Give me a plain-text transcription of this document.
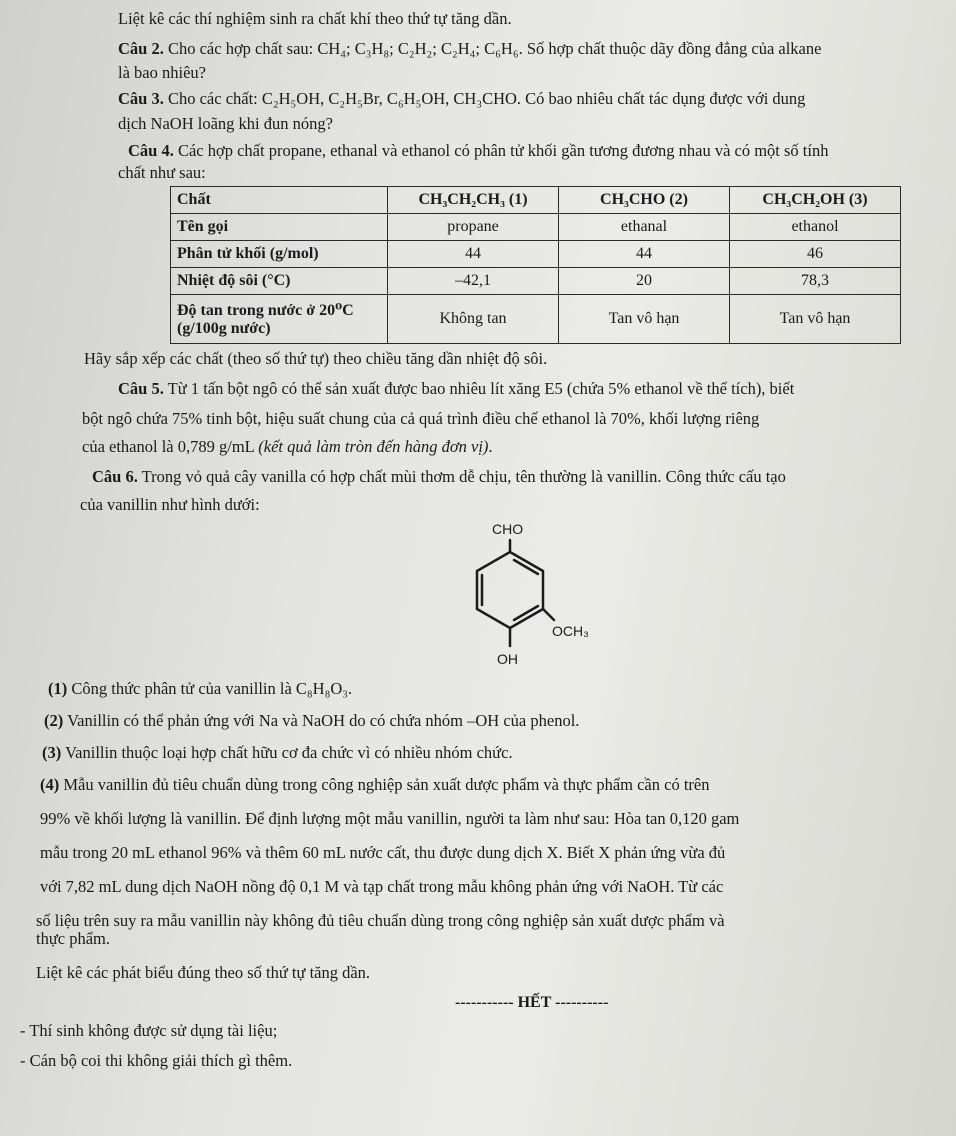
Liệt kê các thí nghiệm sinh ra chất khí theo thứ tự tăng dần.
Câu 2. Cho các hợp chất sau: CH₄; C₃H₈; C₂H₂; C₂H₄; C₆H₆. Số hợp chất thuộc dãy đồng đẳng của alkane
là bao nhiêu?
Câu 3. Cho các chất: C₂H₅OH, C₂H₅Br, C₆H₅OH, CH₃CHO. Có bao nhiêu chất tác dụng được với dung
dịch NaOH loãng khi đun nóng?
Câu 4. Các hợp chất propane, ethanal và ethanol có phân tử khối gần tương đương nhau và có một số tính
chất như sau:
Chất	CH₃CH₂CH₃ (1)	CH₃CHO (2)	CH₃CH₂OH (3)
Tên gọi	propane	ethanal	ethanol
Phân tử khối (g/mol)	44	44	46
Nhiệt độ sôi (°C)	–42,1	20	78,3

Độ tan trong nước ở 20⁰C
(g/100g nước)	Không tan	Tan vô hạn	Tan vô hạn
Hãy sắp xếp các chất (theo số thứ tự) theo chiều tăng dần nhiệt độ sôi.
Câu 5. Từ 1 tấn bột ngô có thể sản xuất được bao nhiêu lít xăng E5 (chứa 5% ethanol về thể tích), biết
bột ngô chứa 75% tinh bột, hiệu suất chung của cả quá trình điều chế ethanol là 70%, khối lượng riêng
của ethanol là 0,789 g/mL (kết quả làm tròn đến hàng đơn vị).
Câu 6. Trong vỏ quả cây vanilla có hợp chất mùi thơm dễ chịu, tên thường là vanillin. Công thức cấu tạo
của vanillin như hình dưới:
CHO
OCH₃
OH
(1) Công thức phân tử của vanillin là C₈H₈O₃.
(2) Vanillin có thể phản ứng với Na và NaOH do có chứa nhóm –OH của phenol.
(3) Vanillin thuộc loại hợp chất hữu cơ đa chức vì có nhiều nhóm chức.
(4) Mẫu vanillin đủ tiêu chuẩn dùng trong công nghiệp sản xuất dược phẩm và thực phẩm cần có trên
99% về khối lượng là vanillin. Để định lượng một mẫu vanillin, người ta làm như sau: Hòa tan 0,120 gam
mẫu trong 20 mL ethanol 96% và thêm 60 mL nước cất, thu được dung dịch X. Biết X phản ứng vừa đủ
với 7,82 mL dung dịch NaOH nồng độ 0,1 M và tạp chất trong mẫu không phản ứng với NaOH. Từ các
số liệu trên suy ra mẫu vanillin này không đủ tiêu chuẩn dùng trong công nghiệp sản xuất dược phẩm và
thực phẩm.
Liệt kê các phát biểu đúng theo số thứ tự tăng dần.
----------- HẾT ----------
- Thí sinh không được sử dụng tài liệu;
- Cán bộ coi thi không giải thích gì thêm.
